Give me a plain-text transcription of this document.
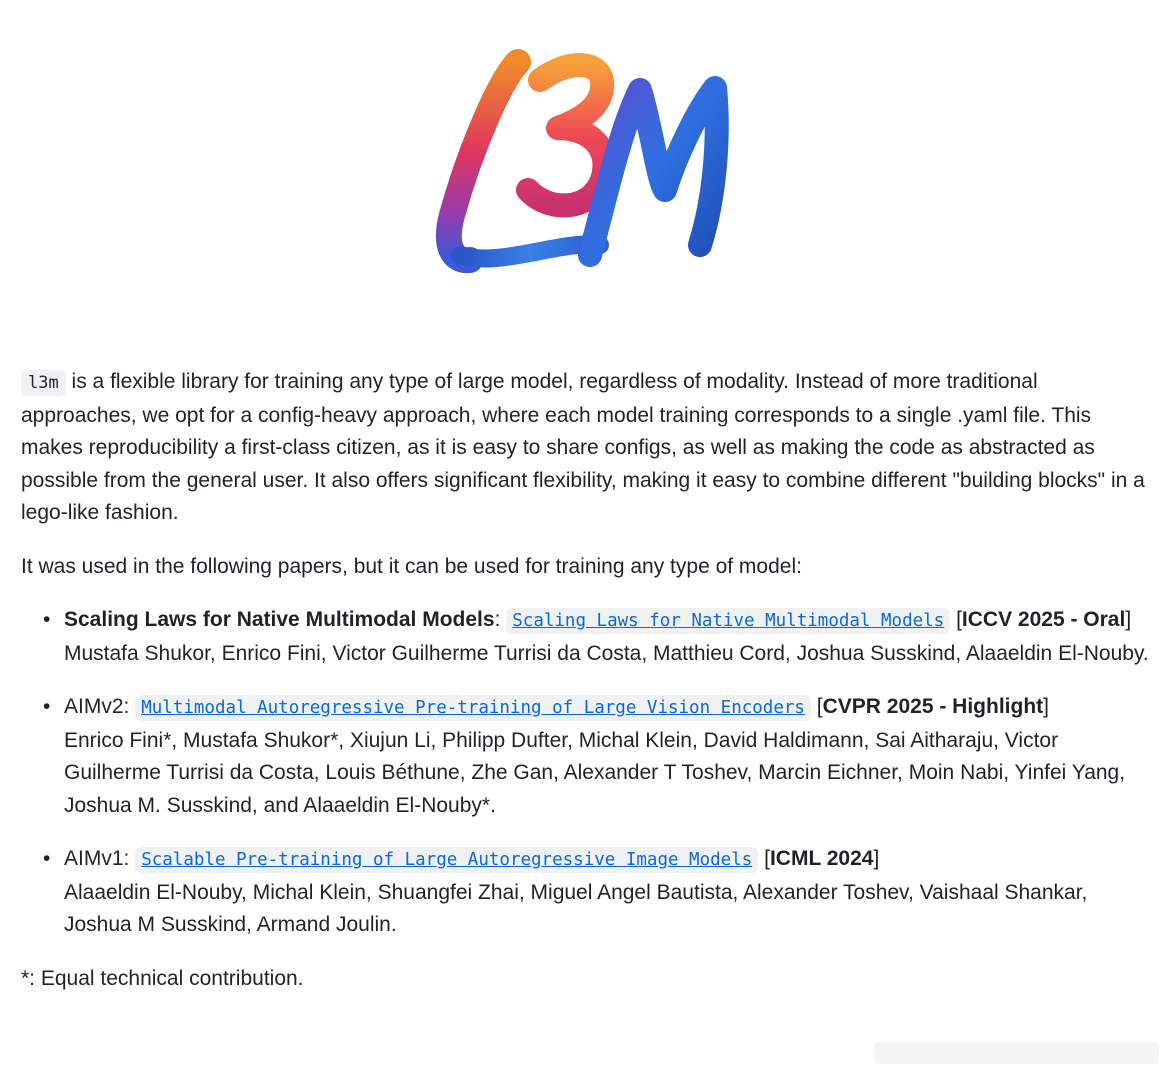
l3m is a flexible library for training any type of large model, regardless of modality. Instead of more traditional approaches, we opt for a config-heavy approach, where each model training corresponds to a single .yaml file. This makes reproducibility a first-class citizen, as it is easy to share configs, as well as making the code as abstracted as possible from the general user. It also offers significant flexibility, making it easy to combine different "building blocks" in a lego-like fashion.

It was used in the following papers, but it can be used for training any type of model:

• Scaling Laws for Native Multimodal Models: Scaling Laws for Native Multimodal Models [ICCV 2025 - Oral]
Mustafa Shukor, Enrico Fini, Victor Guilherme Turrisi da Costa, Matthieu Cord, Joshua Susskind, Alaaeldin El-Nouby.
• AIMv2: Multimodal Autoregressive Pre-training of Large Vision Encoders [CVPR 2025 - Highlight]
Enrico Fini*, Mustafa Shukor*, Xiujun Li, Philipp Dufter, Michal Klein, David Haldimann, Sai Aitharaju, Victor Guilherme Turrisi da Costa, Louis Béthune, Zhe Gan, Alexander T Toshev, Marcin Eichner, Moin Nabi, Yinfei Yang, Joshua M. Susskind, and Alaaeldin El-Nouby*.
• AIMv1: Scalable Pre-training of Large Autoregressive Image Models [ICML 2024]
Alaaeldin El-Nouby, Michal Klein, Shuangfei Zhai, Miguel Angel Bautista, Alexander Toshev, Vaishaal Shankar, Joshua M Susskind, Armand Joulin.

*: Equal technical contribution.
